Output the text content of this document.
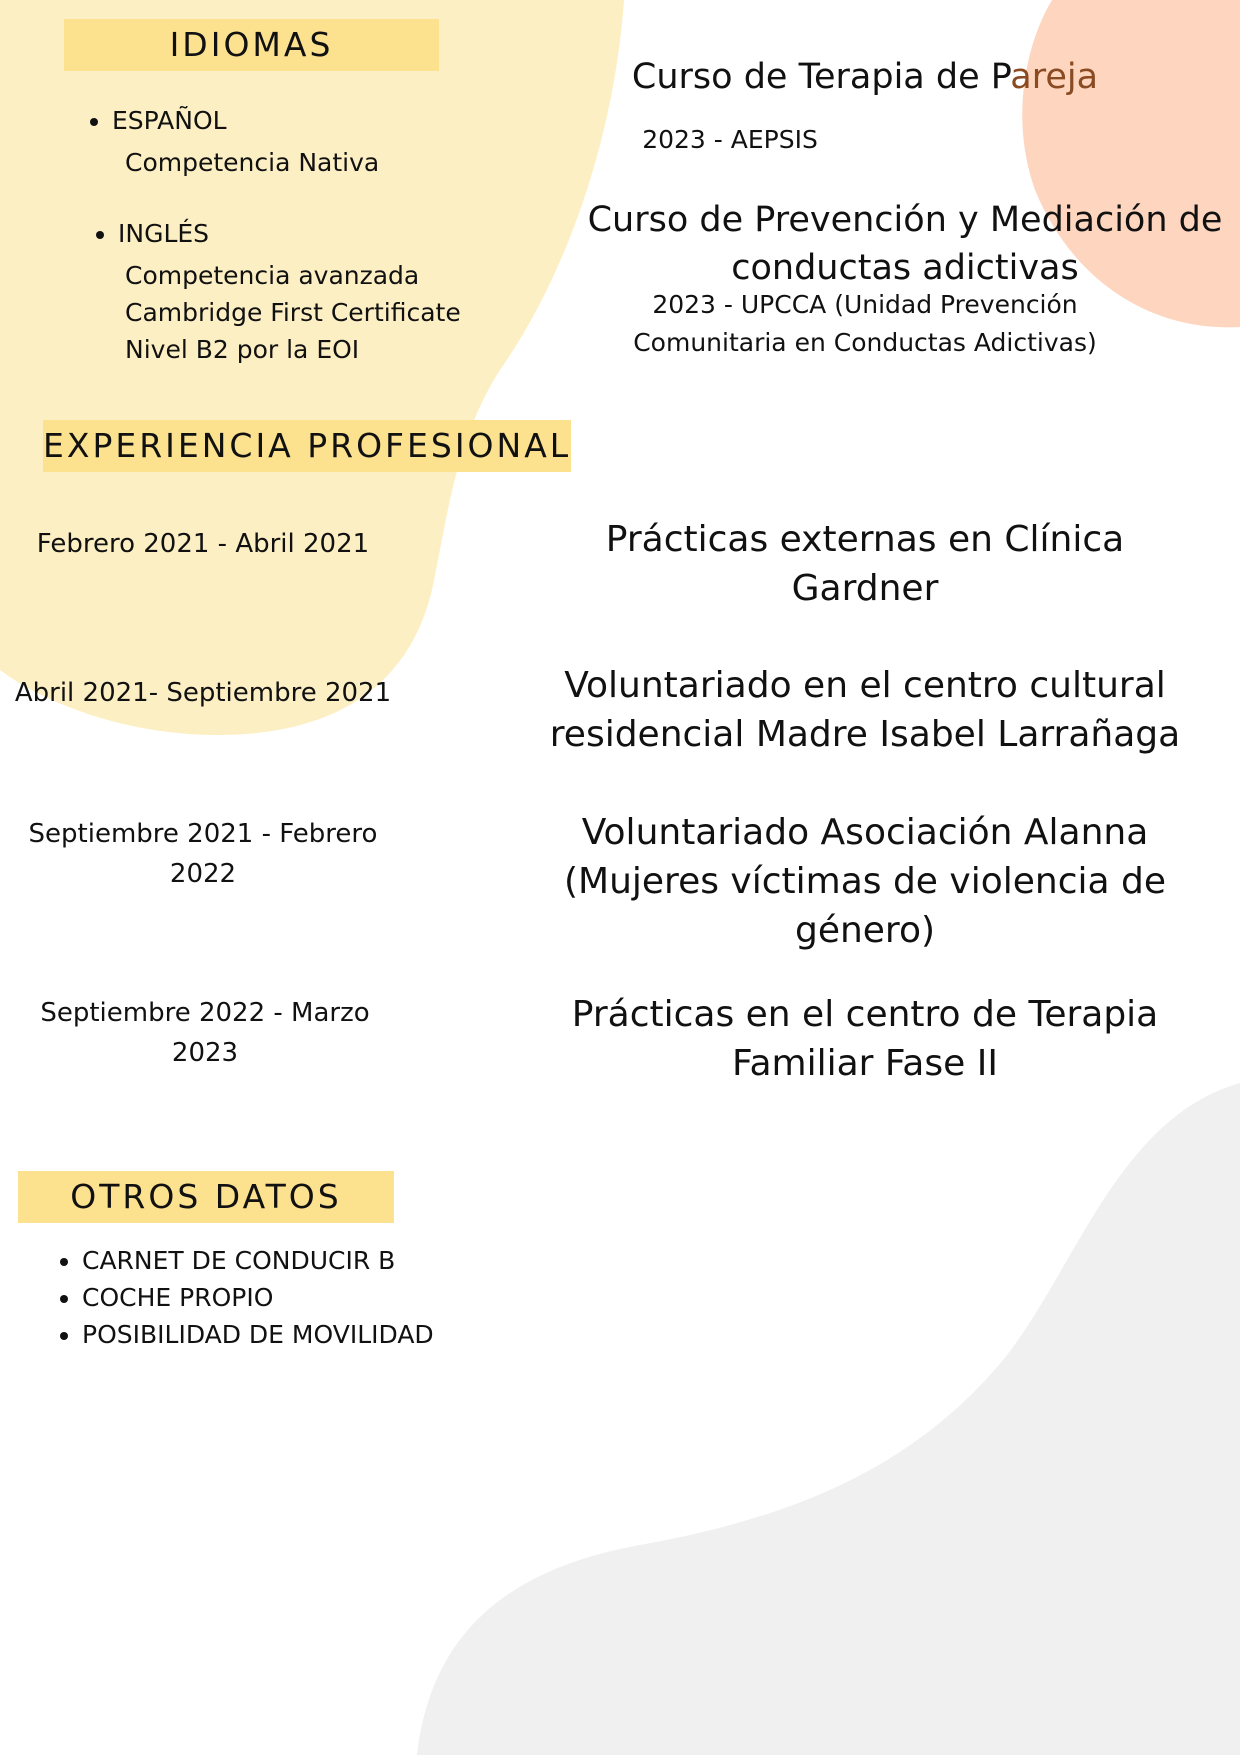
IDIOMAS
• ESPAÑOL
Competencia Nativa
• INGLÉS
Competencia avanzada
Cambridge First Certificate
Nivel B2 por la EOI
Curso de Terapia de Pareja
2023 - AEPSIS
Curso de Prevención y Mediación de
conductas adictivas
2023 - UPCCA (Unidad Prevención
Comunitaria en Conductas Adictivas)
EXPERIENCIA PROFESIONAL
Febrero 2021 - Abril 2021	Prácticas externas en Clínica
Gardner
Abril 2021- Septiembre 2021	Voluntariado en el centro cultural
residencial Madre Isabel Larrañaga
Septiembre 2021 - Febrero
2022
Voluntariado Asociación Alanna
(Mujeres víctimas de violencia de
género)
Septiembre 2022 - Marzo
2023
Prácticas en el centro de Terapia
Familiar Fase II
OTROS DATOS
• CARNET DE CONDUCIR B
• COCHE PROPIO
• POSIBILIDAD DE MOVILIDAD
